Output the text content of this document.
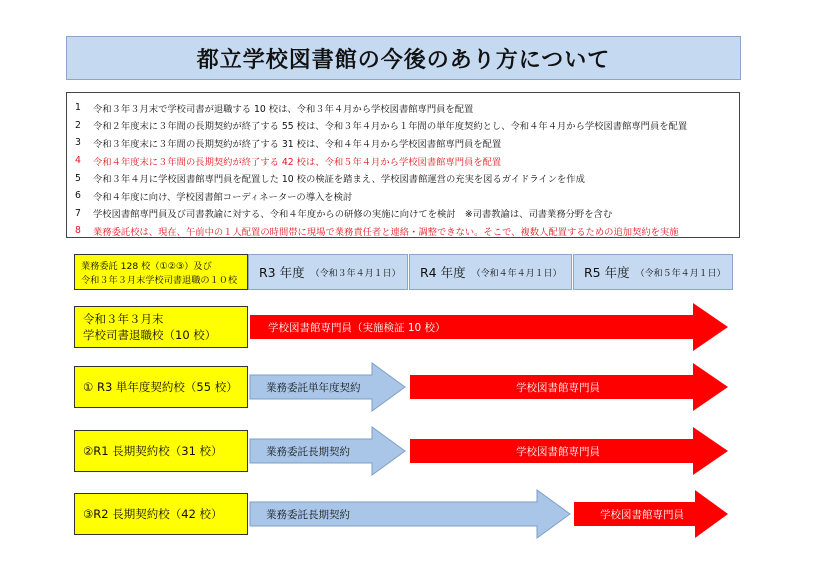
都立学校図書館の今後のあり方について
1	令和３年３月末で学校司書が退職する 10 校は、令和３年４月から学校図書館専門員を配置
2	令和２年度末に３年間の長期契約が終了する 55 校は、令和３年４月から１年間の単年度契約とし、令和４年４月から学校図書館専門員を配置
3	令和３年度末に３年間の長期契約が終了する 31 校は、令和４年４月から学校図書館専門員を配置
4	令和４年度末に３年間の長期契約が終了する 42 校は、令和５年４月から学校図書館専門員を配置
5	令和３年４月に学校図書館専門員を配置した 10 校の検証を踏まえ、学校図書館運営の充実を図るガイドラインを作成
6	令和４年度に向け、学校図書館コーディネーターの導入を検討
7	学校図書館専門員及び司書教諭に対する、令和４年度からの研修の実施に向けてを検討　※司書教諭は、司書業務分野を含む
8	業務委託校は、現在、午前中の１人配置の時間帯に現場で業務責任者と連絡・調整できない。そこで、複数人配置するための追加契約を実施
業務委託 128 校（①②③）及び
令和３年３月末学校司書退職の１０校
R3 年度 （令和３年４月１日） R4 年度 （令和４年４月１日） R5 年度 （令和５年４月１日）
令和３年３月末
学校司書退職校（10 校）
学校図書館専門員（実施検証 10 校）
① R3 単年度契約校（55 校）	業務委託単年度契約	学校図書館専門員
②R1 長期契約校（31 校）	業務委託長期契約	学校図書館専門員
③R2 長期契約校（42 校）	業務委託長期契約	学校図書館専門員
